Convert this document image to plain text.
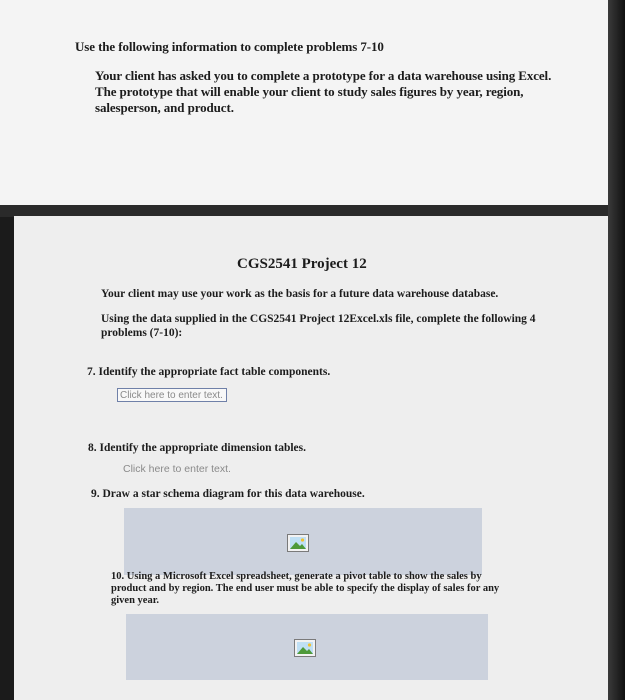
Use the following information to complete problems 7-10

Your client has asked you to complete a prototype for a data warehouse using Excel. The prototype that will enable your client to study sales figures by year, region, salesperson, and product.

CGS2541 Project 12

Your client may use your work as the basis for a future data warehouse database.

Using the data supplied in the CGS2541 Project 12Excel.xls file, complete the following 4 problems (7-10):

7. Identify the appropriate fact table components.

Click here to enter text.

8. Identify the appropriate dimension tables.

Click here to enter text.

9. Draw a star schema diagram for this data warehouse.

10. Using a Microsoft Excel spreadsheet, generate a pivot table to show the sales by product and by region. The end user must be able to specify the display of sales for any given year.
